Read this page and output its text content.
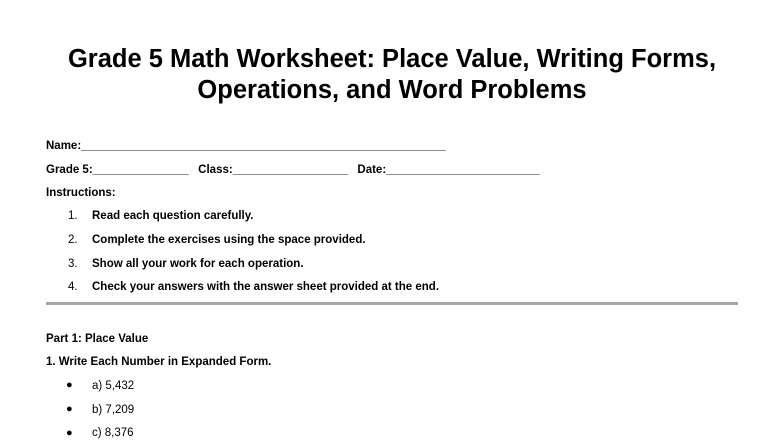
Grade 5 Math Worksheet: Place Value, Writing Forms,
Operations, and Word Problems
Name:_________________________________________________________
Grade 5:_______________   Class:__________________   Date:________________________
Instructions:
1. Read each question carefully.
2. Complete the exercises using the space provided.
3. Show all your work for each operation.
4. Check your answers with the answer sheet provided at the end.
Part 1: Place Value
1. Write Each Number in Expanded Form.
● a) 5,432
● b) 7,209
● c) 8,376
